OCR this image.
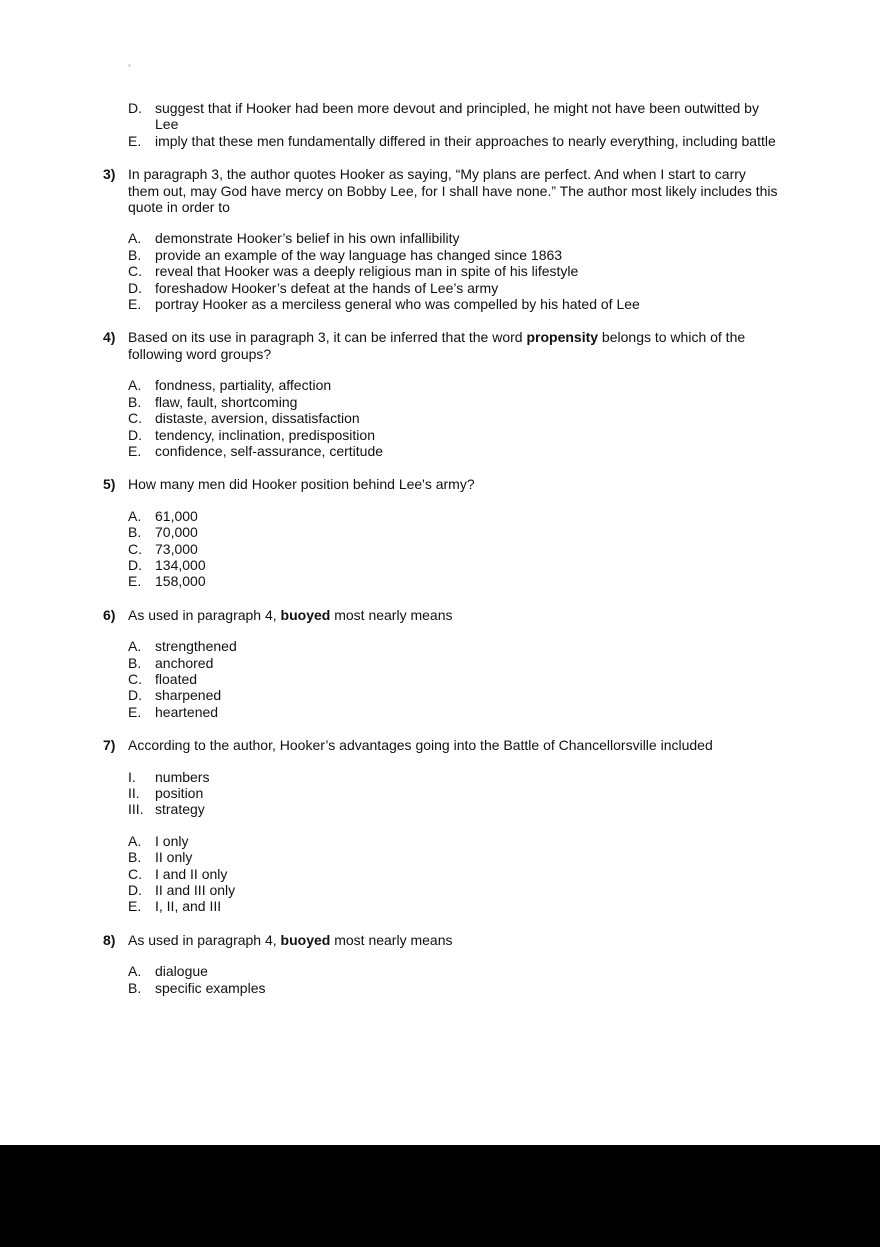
D. suggest that if Hooker had been more devout and principled, he might not have been outwitted by Lee
E. imply that these men fundamentally differed in their approaches to nearly everything, including battle
3) In paragraph 3, the author quotes Hooker as saying, “My plans are perfect. And when I start to carry them out, may God have mercy on Bobby Lee, for I shall have none.” The author most likely includes this quote in order to
A. demonstrate Hooker’s belief in his own infallibility
B. provide an example of the way language has changed since 1863
C. reveal that Hooker was a deeply religious man in spite of his lifestyle
D. foreshadow Hooker’s defeat at the hands of Lee’s army
E. portray Hooker as a merciless general who was compelled by his hated of Lee
4) Based on its use in paragraph 3, it can be inferred that the word propensity belongs to which of the following word groups?
A. fondness, partiality, affection
B. flaw, fault, shortcoming
C. distaste, aversion, dissatisfaction
D. tendency, inclination, predisposition
E. confidence, self-assurance, certitude
5) How many men did Hooker position behind Lee's army?
A. 61,000
B. 70,000
C. 73,000
D. 134,000
E. 158,000
6) As used in paragraph 4, buoyed most nearly means
A. strengthened
B. anchored
C. floated
D. sharpened
E. heartened
7) According to the author, Hooker’s advantages going into the Battle of Chancellorsville included
I.	numbers
II.	position
III. strategy
A. I only
B. II only
C. I and II only
D. II and III only
E. I, II, and III
8) As used in paragraph 4, buoyed most nearly means
A. dialogue
B. specific examples
